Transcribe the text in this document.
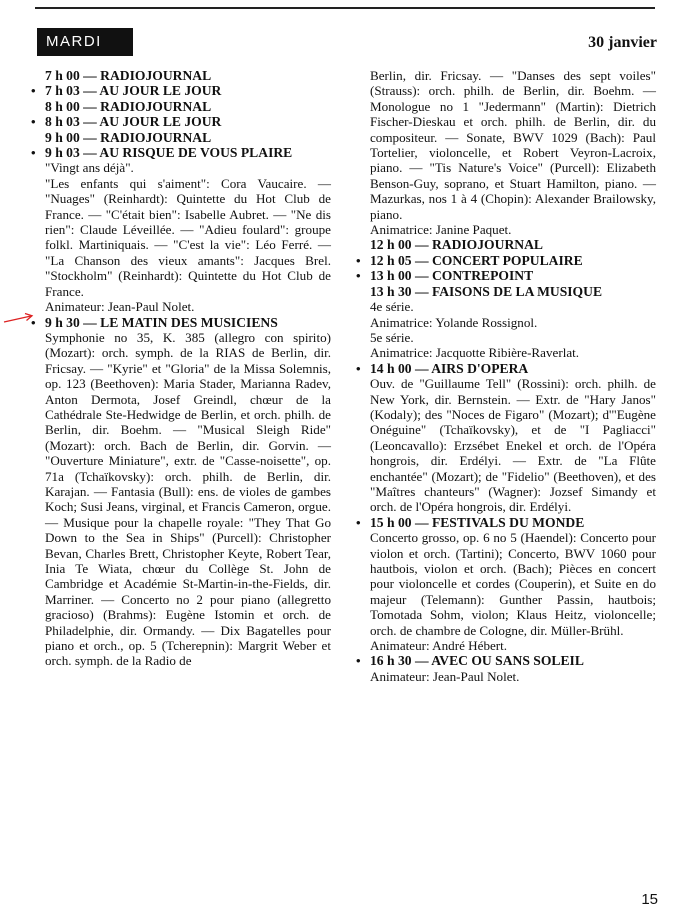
MARDI	30 janvier
7 h 00 — RADIOJOURNAL
• 7 h 03 — AU JOUR LE JOUR
8 h 00 — RADIOJOURNAL
• 8 h 03 — AU JOUR LE JOUR
9 h 00 — RADIOJOURNAL
• 9 h 03 — AU RISQUE DE VOUS PLAIRE
"Vingt ans déjà".
"Les enfants qui s'aiment": Cora Vaucaire. — "Nuages" (Reinhardt): Quintette du Hot Club de France. — "C'était bien": Isabelle Aubret. — "Ne dis rien": Claude Léveillée. — "Adieu foulard": groupe folkl. Martiniquais. — "C'est la vie": Léo Ferré. — "La Chanson des vieux amants": Jacques Brel. "Stockholm" (Reinhardt): Quintette du Hot Club de France.
Animateur: Jean-Paul Nolet.
• 9 h 30 — LE MATIN DES MUSICIENS
Symphonie no 35, K. 385 (allegro con spirito) (Mozart): orch. symph. de la RIAS de Berlin, dir. Fricsay. — "Kyrie" et "Gloria" de la Missa Solemnis, op. 123 (Beethoven): Maria Stader, Marianna Radev, Anton Dermota, Josef Greindl, chœur de la Cathédrale Ste-Hedwidge de Berlin, et orch. philh. de Berlin, dir. Boehm. — "Musical Sleigh Ride" (Mozart): orch. Bach de Berlin, dir. Gorvin. — "Ouverture Miniature", extr. de "Casse-noisette", op. 71a (Tchaïkovsky): orch. philh. de Berlin, dir. Karajan. — Fantasia (Bull): ens. de violes de gambes Koch; Susi Jeans, virginal, et Francis Cameron, orgue. — Musique pour la chapelle royale: "They That Go Down to the Sea in Ships" (Purcell): Christopher Bevan, Charles Brett, Christopher Keyte, Robert Tear, Inia Te Wiata, chœur du Collège St. John de Cambridge et Académie St-Martin-in-the-Fields, dir. Marriner. — Concerto no 2 pour piano (allegretto gracioso) (Brahms): Eugène Istomin et orch. de Philadelphie, dir. Ormandy. — Dix Bagatelles pour piano et orch., op. 5 (Tcherepnin): Margrit Weber et orch. symph. de la Radio de
Berlin, dir. Fricsay. — "Danses des sept voiles" (Strauss): orch. philh. de Berlin, dir. Boehm. — Monologue no 1 "Jedermann" (Martin): Dietrich Fischer-Dieskau et orch. philh. de Berlin, dir. du compositeur. — Sonate, BWV 1029 (Bach): Paul Tortelier, violoncelle, et Robert Veyron-Lacroix, piano. — "Tis Nature's Voice" (Purcell): Elizabeth Benson-Guy, soprano, et Stuart Hamilton, piano. — Mazurkas, nos 1 à 4 (Chopin): Alexander Brailowsky, piano.
Animatrice: Janine Paquet.
12 h 00 — RADIOJOURNAL
• 12 h 05 — CONCERT POPULAIRE
• 13 h 00 — CONTREPOINT
13 h 30 — FAISONS DE LA MUSIQUE
4e série.
Animatrice: Yolande Rossignol.
5e série.
Animatrice: Jacquotte Ribière-Raverlat.
• 14 h 00 — AIRS D'OPERA
Ouv. de "Guillaume Tell" (Rossini): orch. philh. de New York, dir. Bernstein. — Extr. de "Hary Janos" (Kodaly); des "Noces de Figaro" (Mozart); d'"Eugène Onéguine" (Tchaïkovsky), et de "I Pagliacci" (Leoncavallo): Erzsébet Enekel et orch. de l'Opéra hongrois, dir. Erdélyi. — Extr. de "La Flûte enchantée" (Mozart); de "Fidelio" (Beethoven), et des "Maîtres chanteurs" (Wagner): Jozsef Simandy et orch. de l'Opéra hongrois, dir. Erdélyi.
• 15 h 00 — FESTIVALS DU MONDE
Concerto grosso, op. 6 no 5 (Haendel): Concerto pour violon et orch. (Tartini); Concerto, BWV 1060 pour hautbois, violon et orch. (Bach); Pièces en concert pour violoncelle et cordes (Couperin), et Suite en do majeur (Telemann): Gunther Passin, hautbois; Tomotada Sohm, violon; Klaus Heitz, violoncelle; orch. de chambre de Cologne, dir. Müller-Brühl.
Animateur: André Hébert.
• 16 h 30 — AVEC OU SANS SOLEIL
Animateur: Jean-Paul Nolet.
15
